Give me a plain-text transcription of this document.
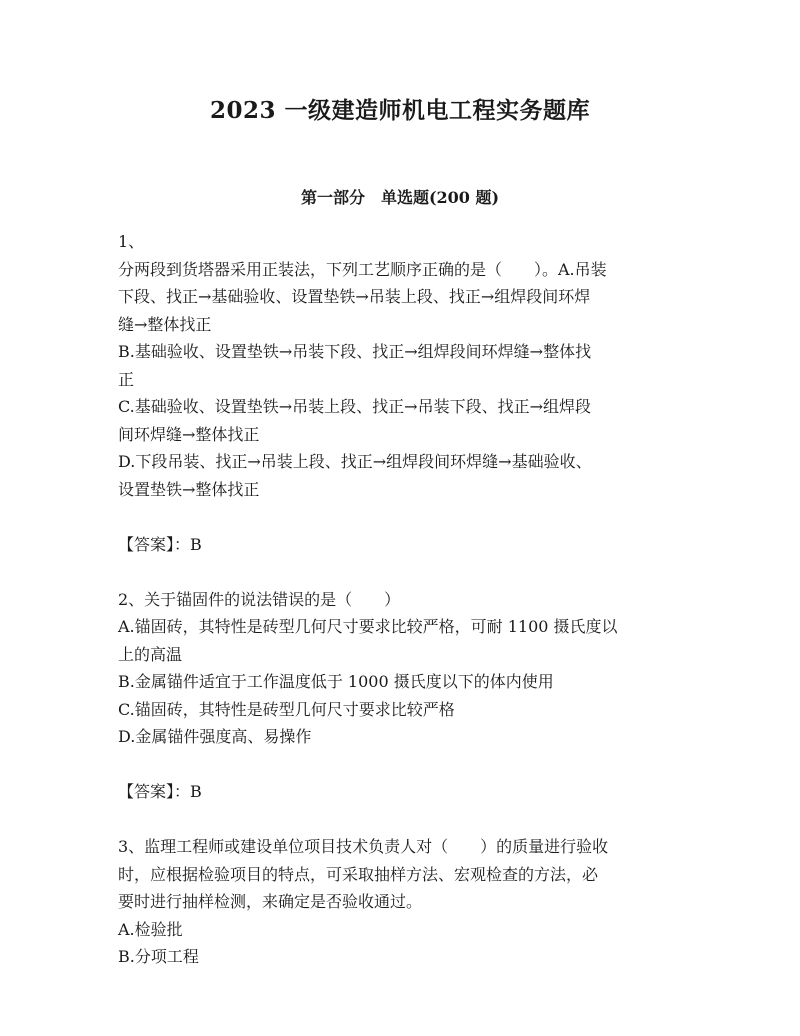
2023 一级建造师机电工程实务题库
第一部分　单选题(200 题)
1、
分两段到货塔器采用正装法，下列工艺顺序正确的是（　　）。A.吊装
下段、找正→基础验收、设置垫铁→吊装上段、找正→组焊段间环焊
缝→整体找正
B.基础验收、设置垫铁→吊装下段、找正→组焊段间环焊缝→整体找
正
C.基础验收、设置垫铁→吊装上段、找正→吊装下段、找正→组焊段
间环焊缝→整体找正
D.下段吊装、找正→吊装上段、找正→组焊段间环焊缝→基础验收、
设置垫铁→整体找正
【答案】：B
2、关于锚固件的说法错误的是（　　）
A.锚固砖，其特性是砖型几何尺寸要求比较严格，可耐 1100 摄氏度以
上的高温
B.金属锚件适宜于工作温度低于 1000 摄氏度以下的体内使用
C.锚固砖，其特性是砖型几何尺寸要求比较严格
D.金属锚件强度高、易操作
【答案】：B
3、监理工程师或建设单位项目技术负责人对（　　）的质量进行验收
时，应根据检验项目的特点，可采取抽样方法、宏观检查的方法，必
要时进行抽样检测，来确定是否验收通过。
A.检验批
B.分项工程
